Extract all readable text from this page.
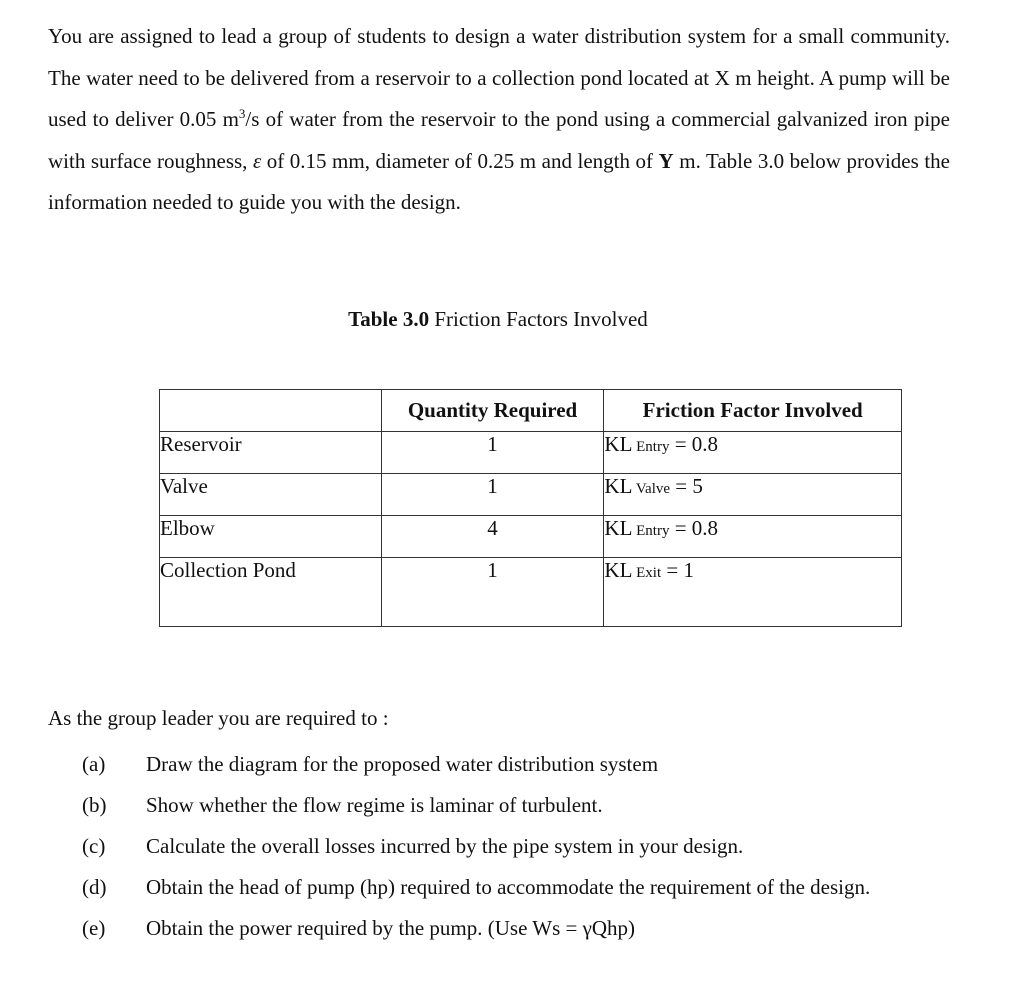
You are assigned to lead a group of students to design a water distribution system for a small community. The water need to be delivered from a reservoir to a collection pond located at X m height. A pump will be used to deliver 0.05 $m^3/s$ of water from the reservoir to the pond using a commercial galvanized iron pipe with surface roughness, ε of 0.15 mm, diameter of 0.25 m and length of Y m. Table 3.0 below provides the information needed to guide you with the design.

Table 3.0 Friction Factors Involved

	Quantity Required	Friction Factor Involved
Reservoir	1	KL Entry = 0.8
Valve	1	KL Valve = 5
Elbow	4	KL Entry = 0.8
Collection Pond	1	KL Exit = 1

As the group leader you are required to :

(a) Draw the diagram for the proposed water distribution system
(b) Show whether the flow regime is laminar of turbulent.
(c) Calculate the overall losses incurred by the pipe system in your design.
(d) Obtain the head of pump (hp) required to accommodate the requirement of the design.
(e) Obtain the power required by the pump. (Use Ws = γQhp)
